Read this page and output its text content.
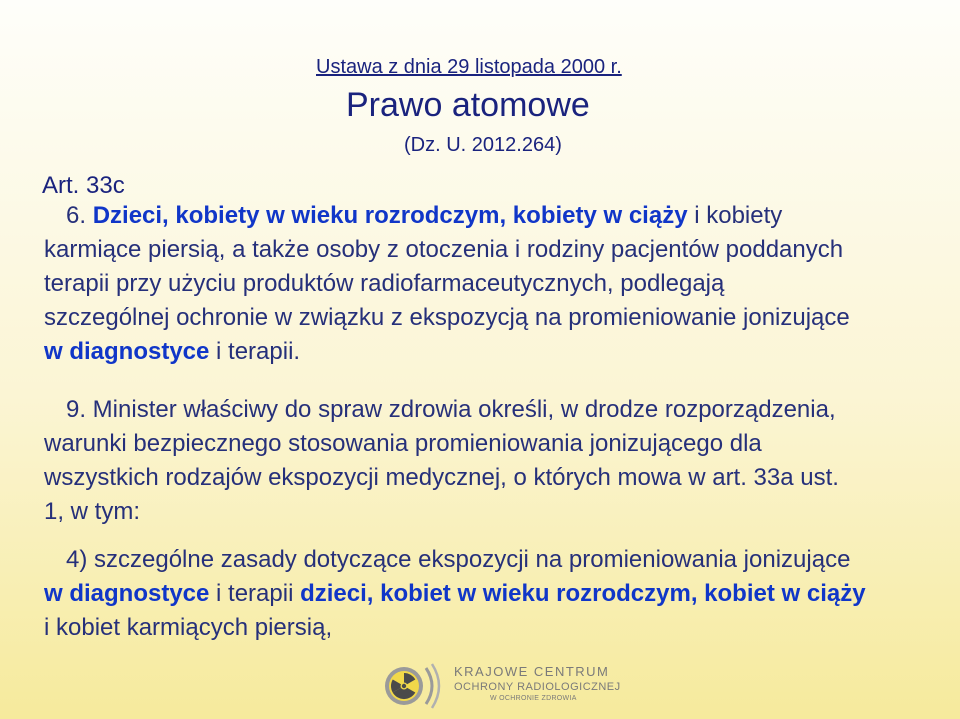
Ustawa z dnia 29 listopada 2000 r.
Prawo atomowe
(Dz. U. 2012.264)
Art. 33c
6. Dzieci, kobiety w wieku rozrodczym, kobiety w ciąży i kobiety
karmiące piersią, a także osoby z otoczenia i rodziny pacjentów poddanych
terapii przy użyciu produktów radiofarmaceutycznych, podlegają
szczególnej ochronie w związku z ekspozycją na promieniowanie jonizujące
w diagnostyce i terapii.
9. Minister właściwy do spraw zdrowia określi, w drodze rozporządzenia,
warunki bezpiecznego stosowania promieniowania jonizującego dla
wszystkich rodzajów ekspozycji medycznej, o których mowa w art. 33a ust.
1, w tym:
4) szczególne zasady dotyczące ekspozycji na promieniowania jonizujące
w diagnostyce i terapii dzieci, kobiet w wieku rozrodczym, kobiet w ciąży
i kobiet karmiących piersią,
KRAJOWE CENTRUM
OCHRONY RADIOLOGICZNEJ
W OCHRONIE ZDROWIA
